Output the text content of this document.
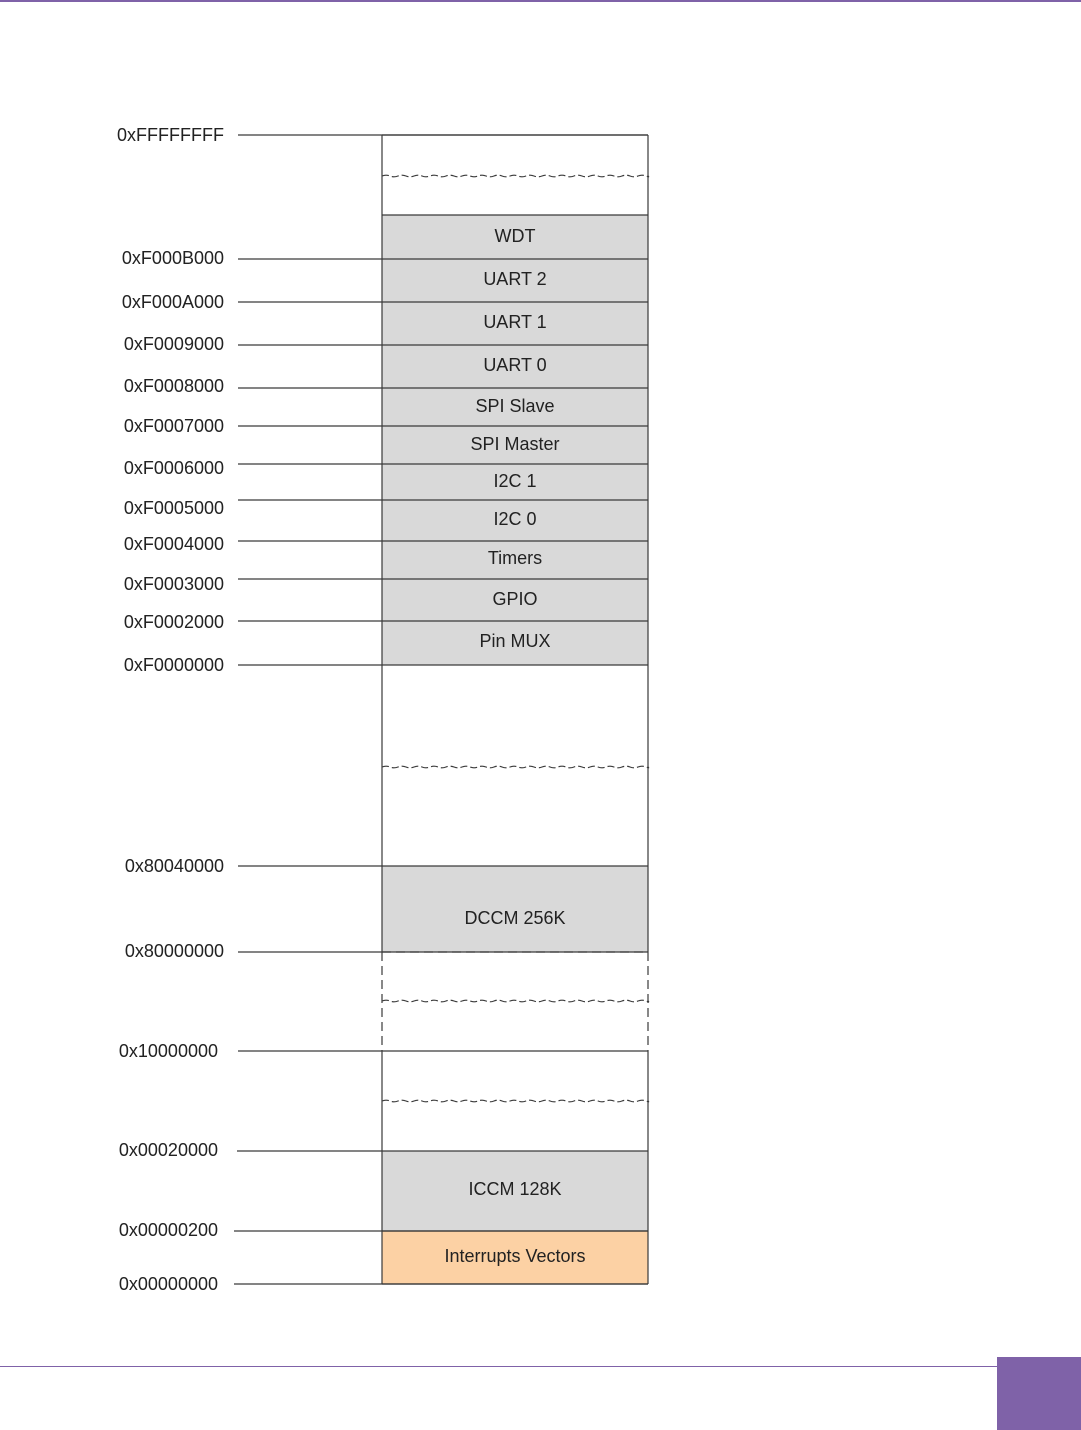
0xFFFFFFFF
0xF000B000
0xF000A000
0xF0009000
0xF0008000
0xF0007000
0xF0006000
0xF0005000
0xF0004000
0xF0003000
0xF0002000
0xF0000000
0x80040000
0x80000000
0x10000000
0x00020000
0x00000200
0x00000000
WDT
UART 2
UART 1
UART 0
SPI Slave
SPI Master
I2C 1
I2C 0
Timers
GPIO
Pin MUX
DCCM 256K
ICCM 128K
Interrupts Vectors
